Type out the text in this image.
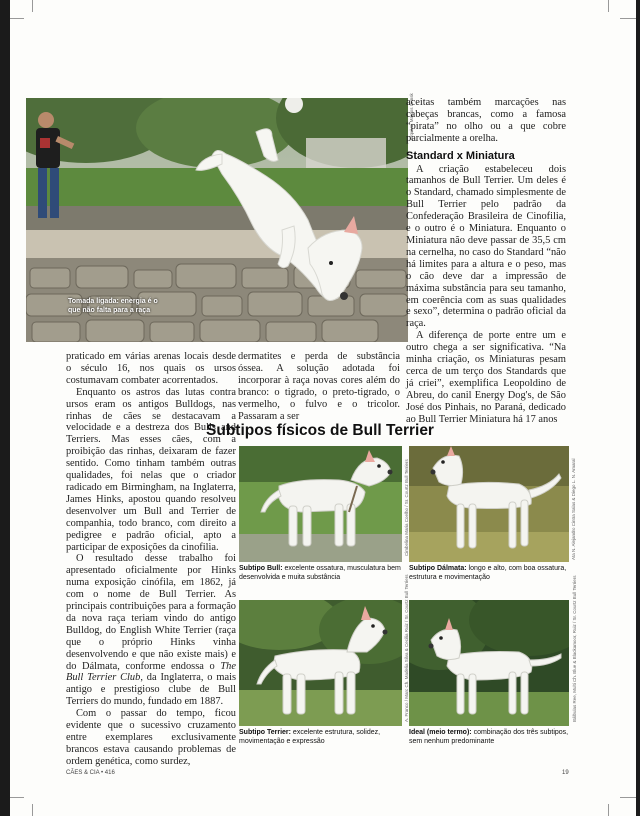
Arquivo: Marcos Grinsk
Tomada ligada: energia é o que não falta para a raça

praticado em várias arenas locais desde o século 16, nos quais os ursos costumavam combater acorrentados.

Enquanto os astros das lutas contra ursos eram os antigos Bulldogs, nas rinhas de cães se destacavam a velocidade e a destreza dos Bulls and Terriers. Mas esses cães, com a proibição das rinhas, deixaram de fazer sentido. Como tinham também outras qualidades, foi nelas que o criador radicado em Birmingham, na Inglaterra, James Hinks, apostou quando resolveu desenvolver um Bull and Terrier de companhia, todo branco, com direito a pedigree e padrão oficial, apto a participar de exposições da cinofilia.

O resultado desse trabalho foi apresentado oficialmente por Hinks numa exposição cinófila, em 1862, já com o nome de Bull Terrier. As principais contribuições para a formação da nova raça teriam vindo do antigo Bulldog, do English White Terrier (raça que o próprio Hinks vinha desenvolvendo e que não existe mais) e do Dálmata, conforme endossa o The Bull Terrier Club, da Inglaterra, o mais antigo e prestigioso clube de Bull Terriers do mundo, fundado em 1887.

Com o passar do tempo, ficou evidente que o sucessivo cruzamento entre exemplares exclusivamente brancos estava causando problemas de ordem genética, como surdez,

dermatites e perda de substância óssea. A solução adotada foi incorporar à raça novas cores além do branco: o tigrado, o preto-tigrado, o vermelho, o fulvo e o tricolor. Passaram a ser

aceitas também marcações nas cabeças brancas, como a famosa “pirata” no olho ou a que cobre parcialmente a orelha.

Standard x Miniatura

A criação estabeleceu dois tamanhos de Bull Terrier. Um deles é o Standard, chamado simplesmente de Bull Terrier pelo padrão da Confederação Brasileira de Cinofilia, e o outro é o Miniatura. Enquanto o Miniatura não deve passar de 35,5 cm na cernelha, no caso do Standard “não há limites para a altura e o peso, mas o cão deve dar a impressão de máxima substância para seu tamanho, em coerência com as suas qualidades e sexo”, determina o padrão oficial da raça.

A diferença de porte entre um e outro chega a ser significativa. “Na minha criação, os Miniaturas pesam cerca de um terço dos Standards que já criei”, exemplifica Leopoldino de Abreu, do canil Energy Dog's, de São José dos Pinhais, no Paraná, dedicado ao Bull Terrier Miniatura há 17 anos

Subtipos físicos de Bull Terrier
Cimbelina Maria Coelho / Sr. Courtz Bull Terriers
Subtipo Bull: excelente ossatura, musculatura bem desenvolvida e muita substância
Ata N. Alejandro Cintra Salas & Diego L. N. Amaral
Subtipo Dálmata: longo e alto, com boa ossatura, estrutura e movimentação
A. Franco / Marc Ch. Madelia Silva & Cecilia Ruiz / Sr. Courtz Bull Terriers
Subtipo Terrier: excelente estrutura, solidez, movimentação e expressão
Bálbulas Ree, Multi Ch. Blue & Blackamoor, Ruiz / Sr. Courtz Bull Terriers
Ideal (meio termo): combinação dos três subtipos, sem nenhum predominante
CÃES & CIA • 416	19
